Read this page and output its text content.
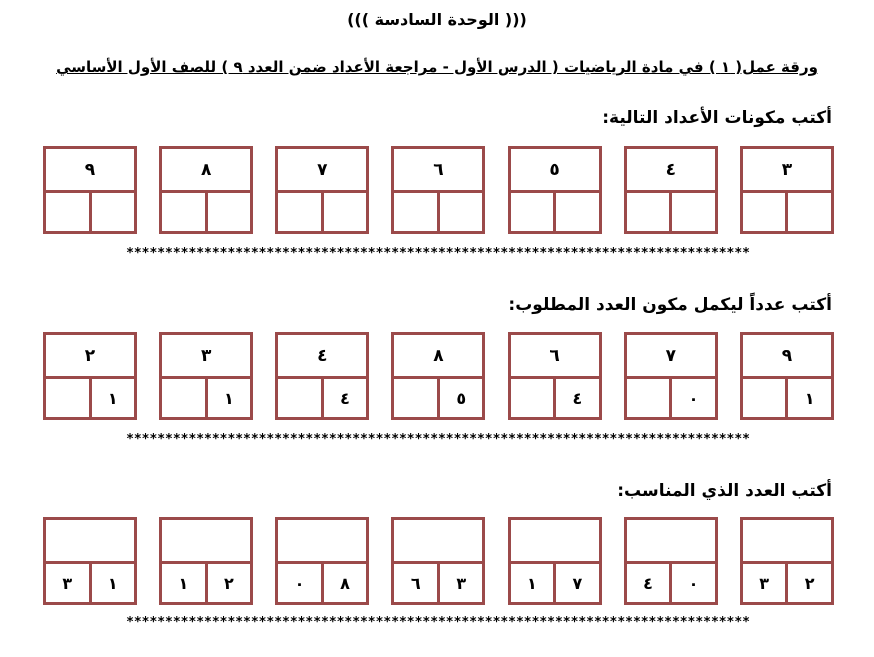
((( الوحدة السادسة )))
ورقة عمل( ١ ) في مادة الرياضيات ( الدرس الأول - مراجعة الأعداد ضمن العدد ٩ ) للصف الأول الأساسي
أكتب مكونات الأعداد التالية:
٣
٤
٥
٦
٧
٨
٩
********************************************************************************
أكتب عدداً ليكمل مكون العدد المطلوب:
٩
١
٧
٠
٦
٤
٨
٥
٤
٤
٣
١
٢
١
********************************************************************************
أكتب العدد الذي المناسب:
٢
٣
٠
٤
٧
١
٣
٦
٨
٠
٢
١
١
٣
********************************************************************************
